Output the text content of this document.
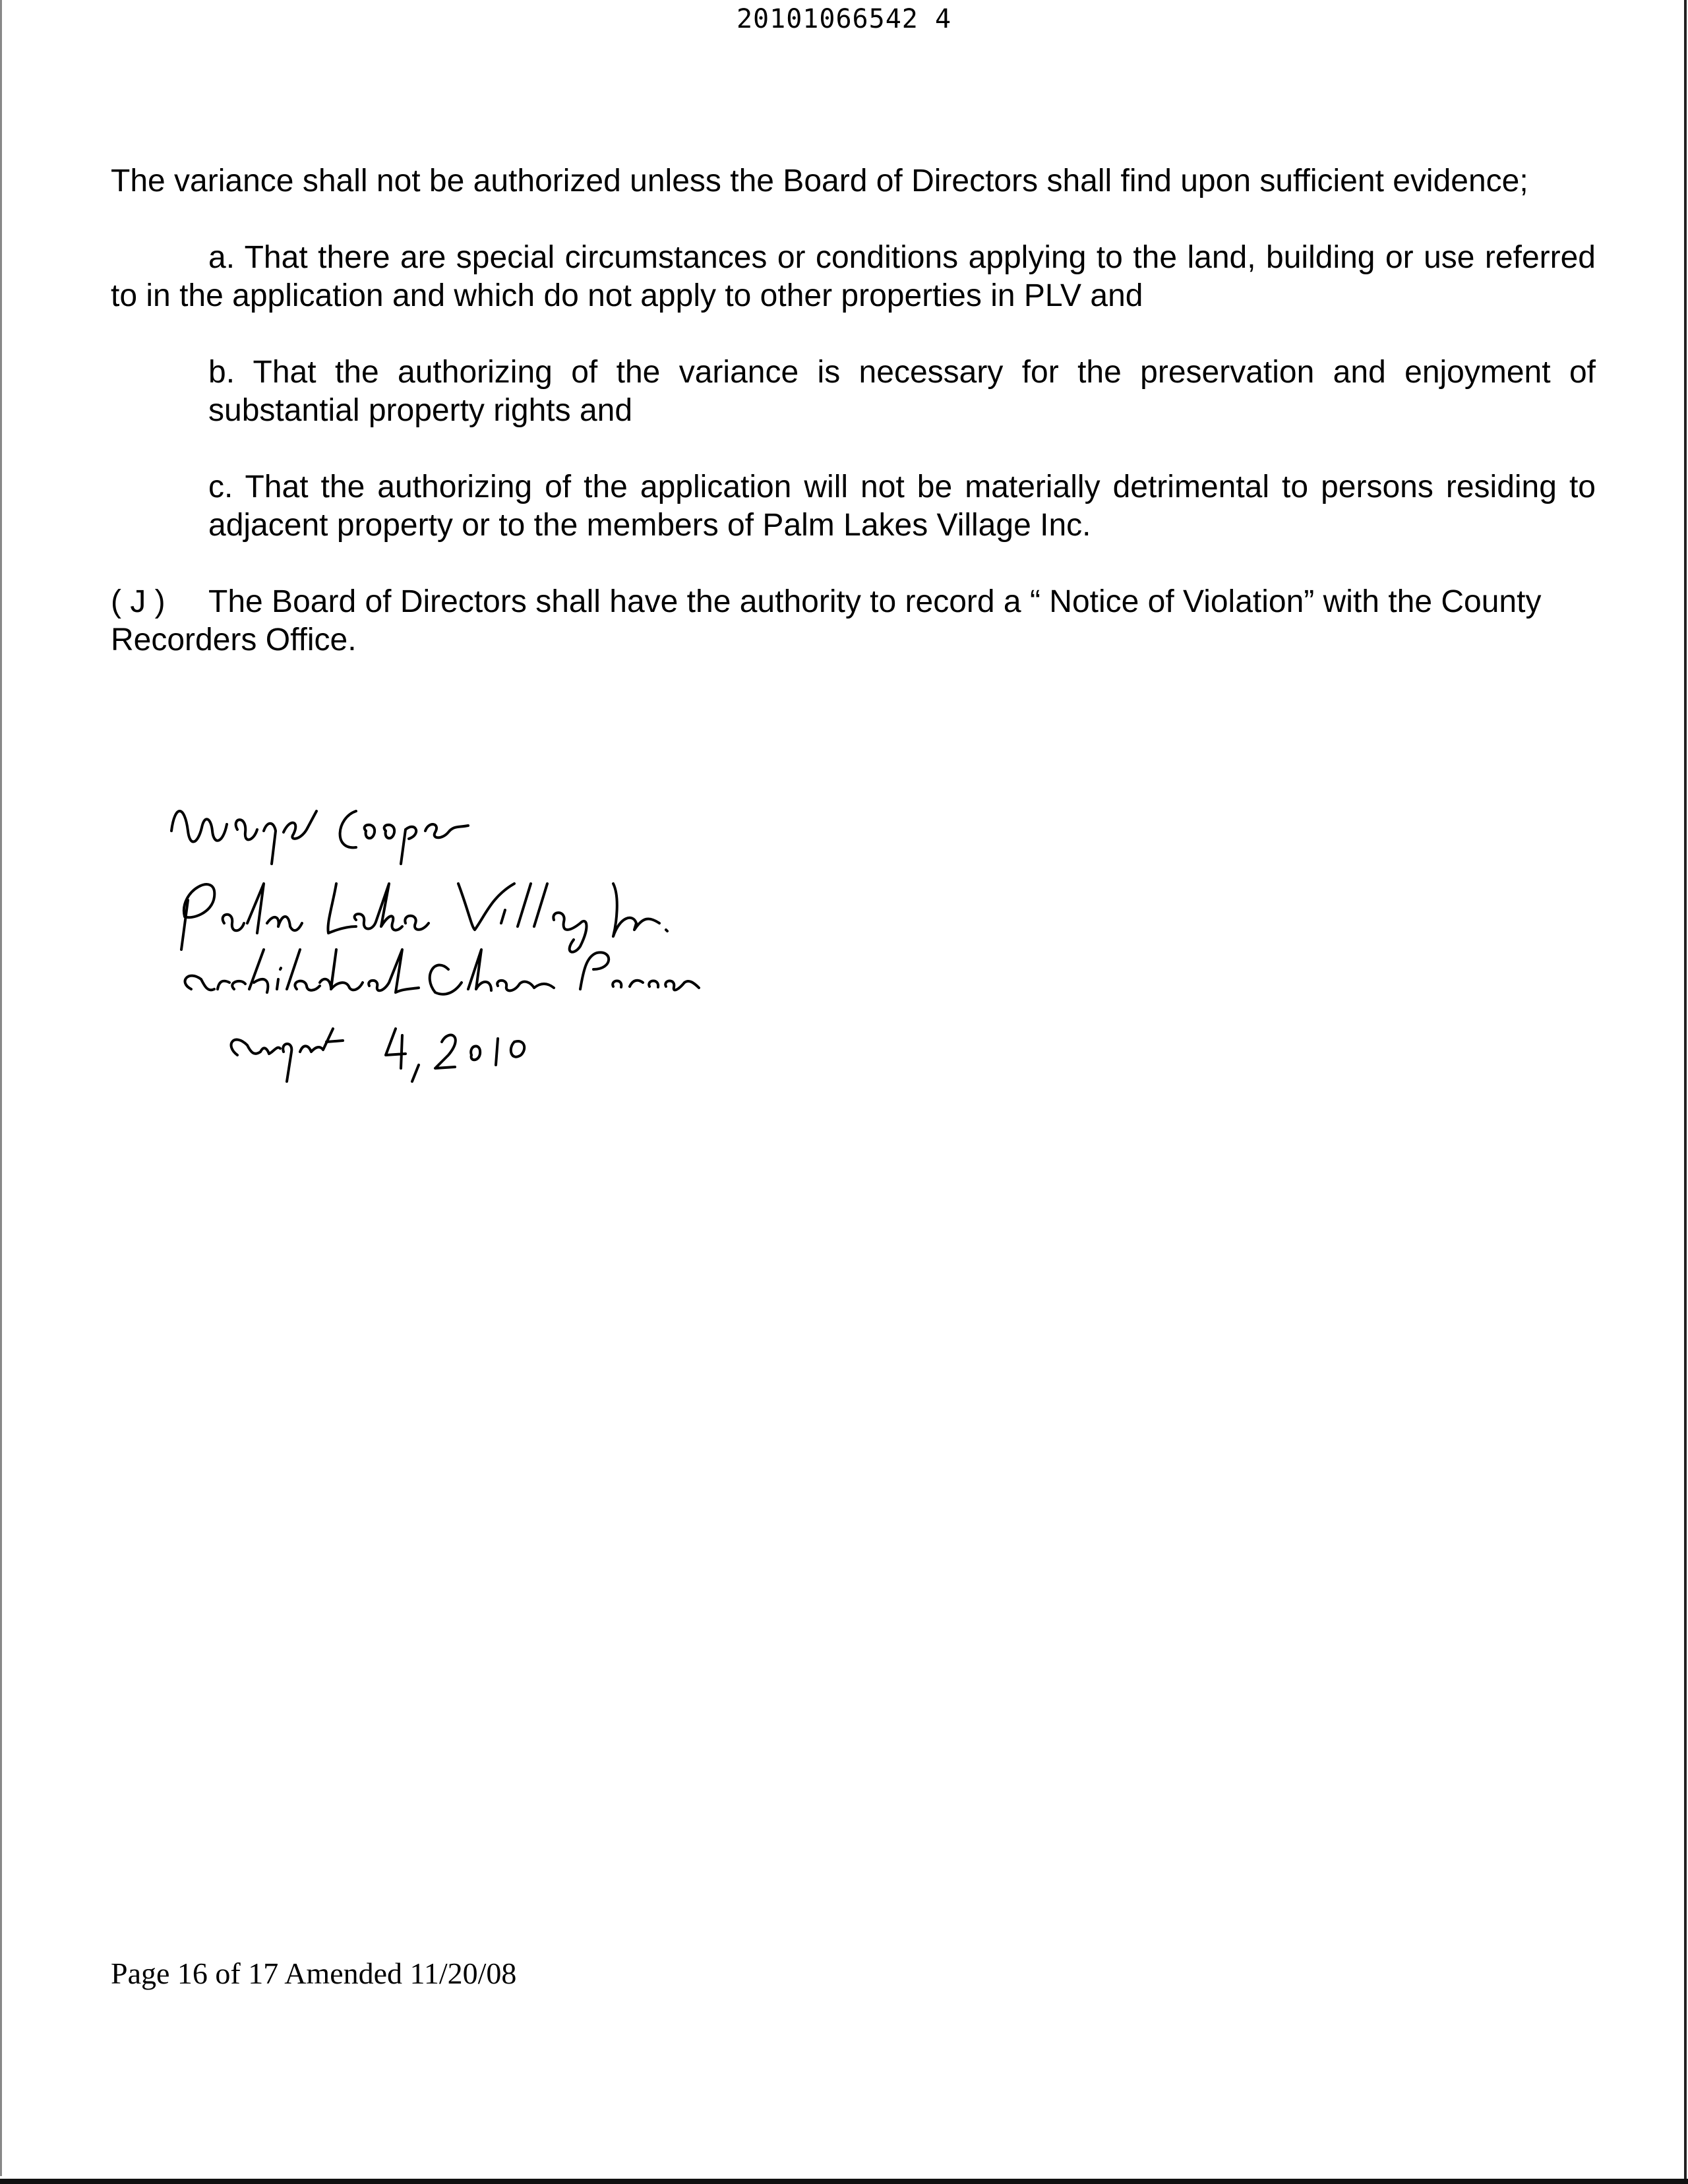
20101066542 4

The variance shall not be authorized unless the Board of Directors shall find upon sufficient evidence;

a. That there are special circumstances or conditions applying to the land, building or use referred to in the application and which do not apply to other properties in PLV and

b. That the authorizing of the variance is necessary for the preservation and enjoyment of substantial property rights and

c. That the authorizing of the application will not be materially detrimental to persons residing to adjacent property or to the members of Palm Lakes Village Inc.

( J ) The Board of Directors shall have the authority to record a “ Notice of Violation” with the County Recorders Office.

Page 16 of 17 Amended 11/20/08
